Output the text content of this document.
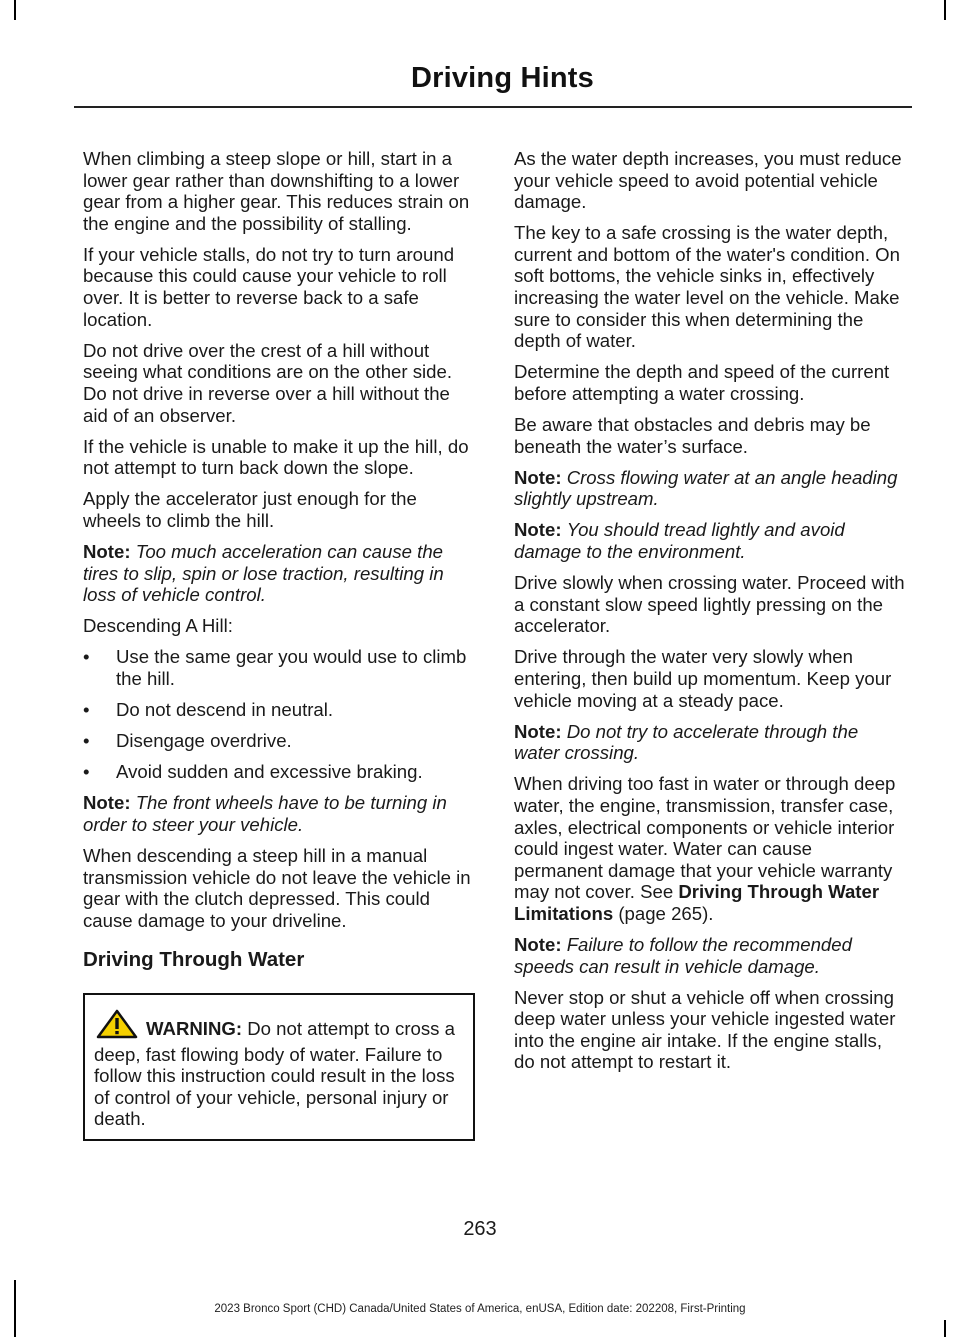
Driving Hints

When climbing a steep slope or hill, start in a lower gear rather than downshifting to a lower gear from a higher gear. This reduces strain on the engine and the possibility of stalling.

If your vehicle stalls, do not try to turn around because this could cause your vehicle to roll over. It is better to reverse back to a safe location.

Do not drive over the crest of a hill without seeing what conditions are on the other side. Do not drive in reverse over a hill without the aid of an observer.

If the vehicle is unable to make it up the hill, do not attempt to turn back down the slope.

Apply the accelerator just enough for the wheels to climb the hill.

Note: Too much acceleration can cause the tires to slip, spin or lose traction, resulting in loss of vehicle control.

Descending A Hill:

• Use the same gear you would use to climb the hill.
• Do not descend in neutral.
• Disengage overdrive.
• Avoid sudden and excessive braking.

Note: The front wheels have to be turning in order to steer your vehicle.

When descending a steep hill in a manual transmission vehicle do not leave the vehicle in gear with the clutch depressed. This could cause damage to your driveline.

Driving Through Water
WARNING: Do not attempt to cross a deep, fast flowing body of water. Failure to follow this instruction could result in the loss of control of your vehicle, personal injury or death.

As the water depth increases, you must reduce your vehicle speed to avoid potential vehicle damage.

The key to a safe crossing is the water depth, current and bottom of the water's condition. On soft bottoms, the vehicle sinks in, effectively increasing the water level on the vehicle. Make sure to consider this when determining the depth of water.

Determine the depth and speed of the current before attempting a water crossing.

Be aware that obstacles and debris may be beneath the water’s surface.

Note: Cross flowing water at an angle heading slightly upstream.

Note: You should tread lightly and avoid damage to the environment.

Drive slowly when crossing water. Proceed with a constant slow speed lightly pressing on the accelerator.

Drive through the water very slowly when entering, then build up momentum. Keep your vehicle moving at a steady pace.

Note: Do not try to accelerate through the water crossing.

When driving too fast in water or through deep water, the engine, transmission, transfer case, axles, electrical components or vehicle interior could ingest water. Water can cause permanent damage that your vehicle warranty may not cover. See Driving Through Water Limitations (page 265).

Note: Failure to follow the recommended speeds can result in vehicle damage.

Never stop or shut a vehicle off when crossing deep water unless your vehicle ingested water into the engine air intake. If the engine stalls, do not attempt to restart it.

263
2023 Bronco Sport (CHD) Canada/United States of America, enUSA, Edition date: 202208, First-Printing
